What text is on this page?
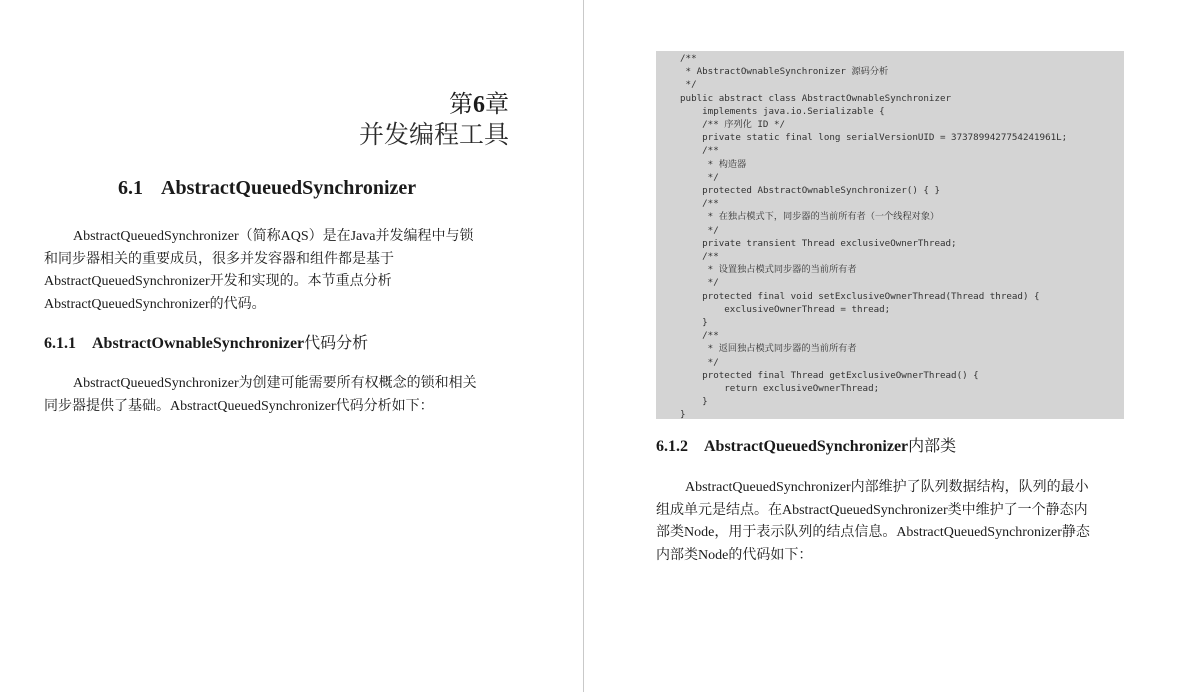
第6章
并发编程工具
6.1 AbstractQueuedSynchronizer
AbstractQueuedSynchronizer（简称AQS）是在Java并发编程中与锁
和同步器相关的重要成员，很多并发容器和组件都是基于
AbstractQueuedSynchronizer开发和实现的。本节重点分析
AbstractQueuedSynchronizer的代码。
6.1.1 AbstractOwnableSynchronizer代码分析
AbstractQueuedSynchronizer为创建可能需要所有权概念的锁和相关
同步器提供了基础。AbstractQueuedSynchronizer代码分析如下：
/**
* AbstractOwnableSynchronizer 源码分析
*/
public abstract class AbstractOwnableSynchronizer
implements java.io.Serializable {
/** 序列化 ID */
private static final long serialVersionUID = 3737899427754241961L;
/**
* 构造器
*/
protected AbstractOwnableSynchronizer() { }
/**
* 在独占模式下，同步器的当前所有者（一个线程对象）
*/
private transient Thread exclusiveOwnerThread;
/**
* 设置独占模式同步器的当前所有者
*/
protected final void setExclusiveOwnerThread(Thread thread) {
exclusiveOwnerThread = thread;
}
/**
* 返回独占模式同步器的当前所有者
*/
protected final Thread getExclusiveOwnerThread() {
return exclusiveOwnerThread;
}
}
6.1.2 AbstractQueuedSynchronizer内部类
AbstractQueuedSynchronizer内部维护了队列数据结构，队列的最小
组成单元是结点。在AbstractQueuedSynchronizer类中维护了一个静态内
部类Node，用于表示队列的结点信息。AbstractQueuedSynchronizer静态
内部类Node的代码如下：
